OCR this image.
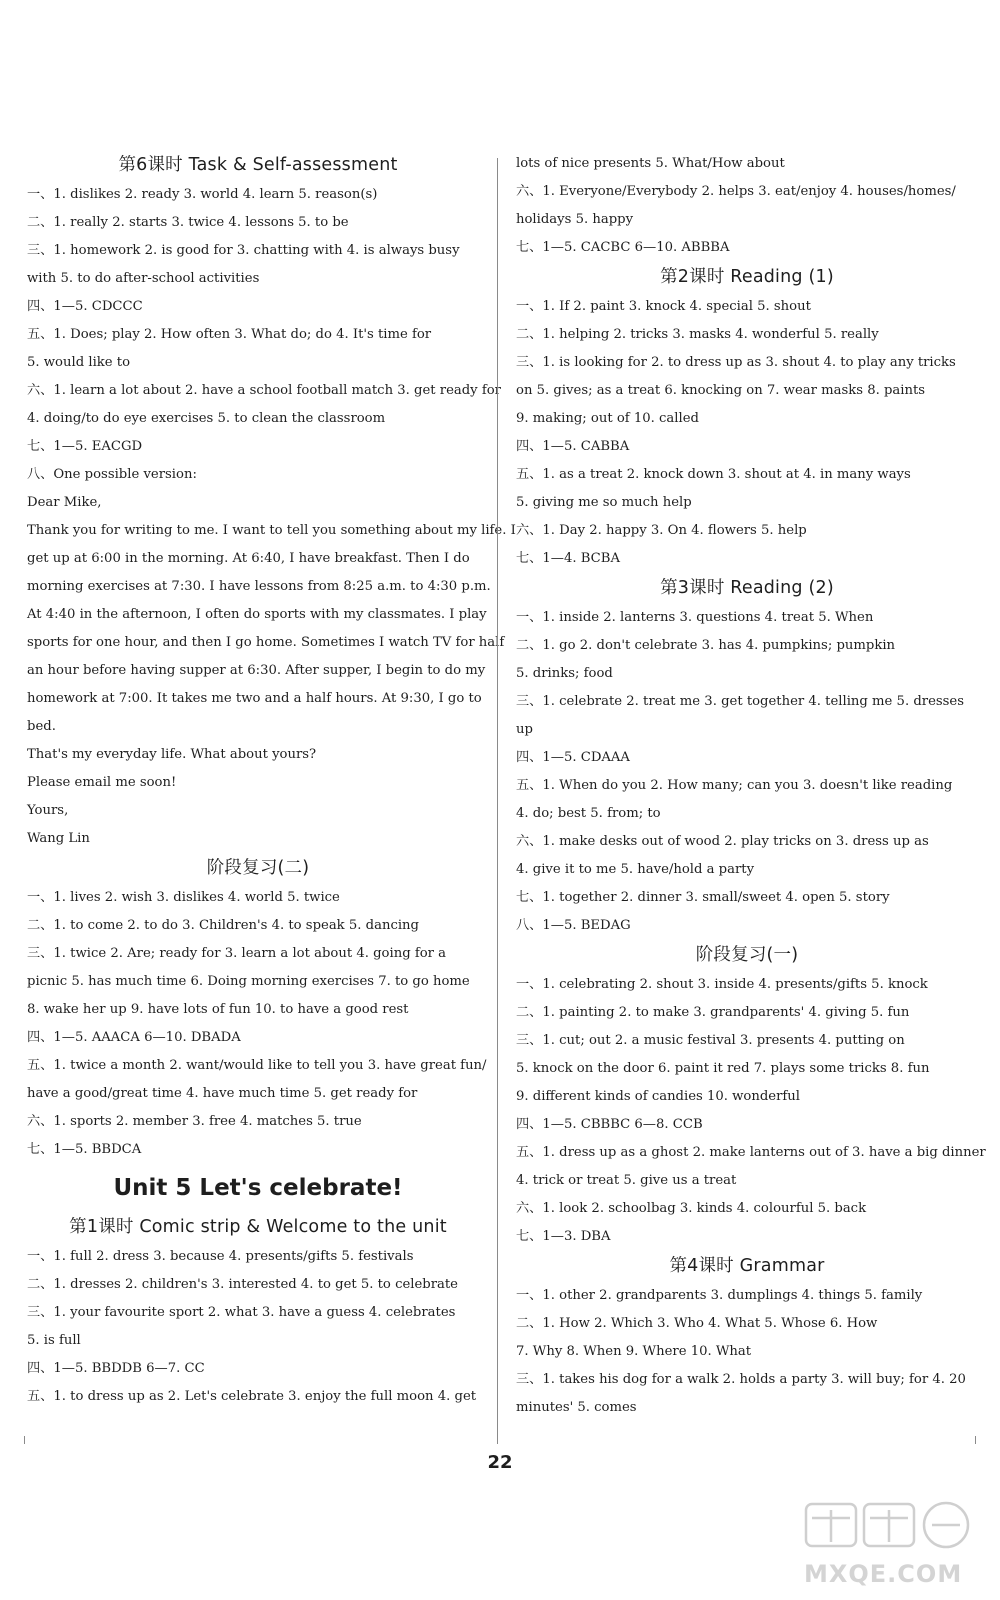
第6课时 Task & Self-assessment
一、1. dislikes 2. ready 3. world 4. learn 5. reason(s)
二、1. really 2. starts 3. twice 4. lessons 5. to be
三、1. homework 2. is good for 3. chatting with 4. is always busy
with 5. to do after-school activities
四、1—5. CDCCC
五、1. Does; play 2. How often 3. What do; do 4. It's time for
5. would like to
六、1. learn a lot about 2. have a school football match 3. get ready for
4. doing/to do eye exercises 5. to clean the classroom
七、1—5. EACGD
八、One possible version:
Dear Mike,
Thank you for writing to me. I want to tell you something about my life. I
get up at 6:00 in the morning. At 6:40, I have breakfast. Then I do
morning exercises at 7:30. I have lessons from 8:25 a.m. to 4:30 p.m.
At 4:40 in the afternoon, I often do sports with my classmates. I play
sports for one hour, and then I go home. Sometimes I watch TV for half
an hour before having supper at 6:30. After supper, I begin to do my
homework at 7:00. It takes me two and a half hours. At 9:30, I go to
bed.
That's my everyday life. What about yours?
Please email me soon!
Yours,
Wang Lin
阶段复习(二)
一、1. lives 2. wish 3. dislikes 4. world 5. twice
二、1. to come 2. to do 3. Children's 4. to speak 5. dancing
三、1. twice 2. Are; ready for 3. learn a lot about 4. going for a
picnic 5. has much time 6. Doing morning exercises 7. to go home
8. wake her up 9. have lots of fun 10. to have a good rest
四、1—5. AAACA 6—10. DBADA
五、1. twice a month 2. want/would like to tell you 3. have great fun/
have a good/great time 4. have much time 5. get ready for
六、1. sports 2. member 3. free 4. matches 5. true
七、1—5. BBDCA
Unit 5 Let's celebrate!
第1课时 Comic strip & Welcome to the unit
一、1. full 2. dress 3. because 4. presents/gifts 5. festivals
二、1. dresses 2. children's 3. interested 4. to get 5. to celebrate
三、1. your favourite sport 2. what 3. have a guess 4. celebrates
5. is full
四、1—5. BBDDB 6—7. CC
五、1. to dress up as 2. Let's celebrate 3. enjoy the full moon 4. get
lots of nice presents 5. What/How about
六、1. Everyone/Everybody 2. helps 3. eat/enjoy 4. houses/homes/
holidays 5. happy
七、1—5. CACBC 6—10. ABBBA
第2课时 Reading (1)
一、1. If 2. paint 3. knock 4. special 5. shout
二、1. helping 2. tricks 3. masks 4. wonderful 5. really
三、1. is looking for 2. to dress up as 3. shout 4. to play any tricks
on 5. gives; as a treat 6. knocking on 7. wear masks 8. paints
9. making; out of 10. called
四、1—5. CABBA
五、1. as a treat 2. knock down 3. shout at 4. in many ways
5. giving me so much help
六、1. Day 2. happy 3. On 4. flowers 5. help
七、1—4. BCBA
第3课时 Reading (2)
一、1. inside 2. lanterns 3. questions 4. treat 5. When
二、1. go 2. don't celebrate 3. has 4. pumpkins; pumpkin
5. drinks; food
三、1. celebrate 2. treat me 3. get together 4. telling me 5. dresses
up
四、1—5. CDAAA
五、1. When do you 2. How many; can you 3. doesn't like reading
4. do; best 5. from; to
六、1. make desks out of wood 2. play tricks on 3. dress up as
4. give it to me 5. have/hold a party
七、1. together 2. dinner 3. small/sweet 4. open 5. story
八、1—5. BEDAG
阶段复习(一)
一、1. celebrating 2. shout 3. inside 4. presents/gifts 5. knock
二、1. painting 2. to make 3. grandparents' 4. giving 5. fun
三、1. cut; out 2. a music festival 3. presents 4. putting on
5. knock on the door 6. paint it red 7. plays some tricks 8. fun
9. different kinds of candies 10. wonderful
四、1—5. CBBBC 6—8. CCB
五、1. dress up as a ghost 2. make lanterns out of 3. have a big dinner
4. trick or treat 5. give us a treat
六、1. look 2. schoolbag 3. kinds 4. colourful 5. back
七、1—3. DBA
第4课时 Grammar
一、1. other 2. grandparents 3. dumplings 4. things 5. family
二、1. How 2. Which 3. Who 4. What 5. Whose 6. How
7. Why 8. When 9. Where 10. What
三、1. takes his dog for a walk 2. holds a party 3. will buy; for 4. 20
minutes' 5. comes
22
MXQE.COM
